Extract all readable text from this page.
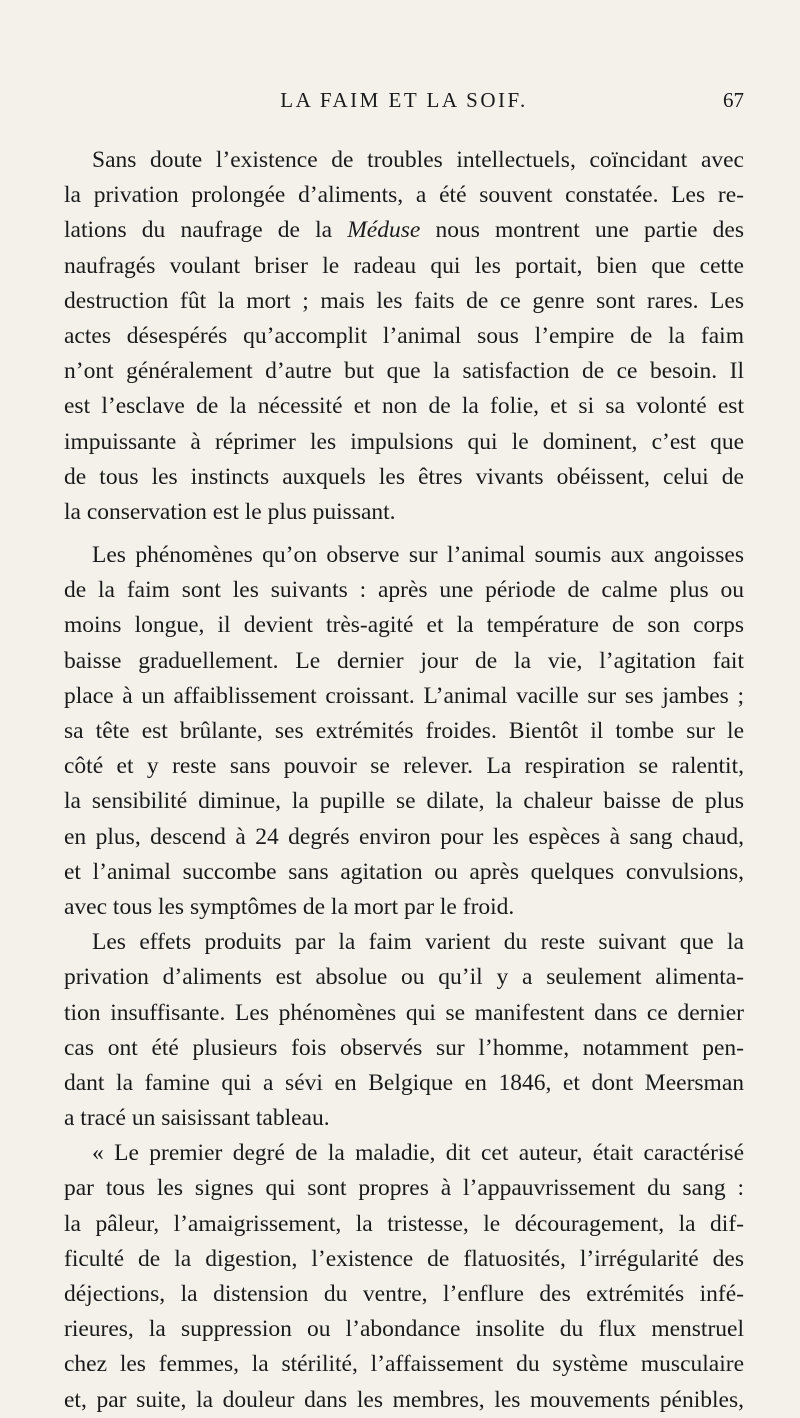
LA FAIM ET LA SOIF.	67
Sans doute l’existence de troubles intellectuels, coïncidant avec
la privation prolongée d’aliments, a été souvent constatée. Les re-
lations du naufrage de la Méduse nous montrent une partie des
naufragés voulant briser le radeau qui les portait, bien que cette
destruction fût la mort ; mais les faits de ce genre sont rares. Les
actes désespérés qu’accomplit l’animal sous l’empire de la faim
n’ont généralement d’autre but que la satisfaction de ce besoin. Il
est l’esclave de la nécessité et non de la folie, et si sa volonté est
impuissante à réprimer les impulsions qui le dominent, c’est que
de tous les instincts auxquels les êtres vivants obéissent, celui de
la conservation est le plus puissant.
Les phénomènes qu’on observe sur l’animal soumis aux angoisses
de la faim sont les suivants : après une période de calme plus ou
moins longue, il devient très-agité et la température de son corps
baisse graduellement. Le dernier jour de la vie, l’agitation fait
place à un affaiblissement croissant. L’animal vacille sur ses jambes ;
sa tête est brûlante, ses extrémités froides. Bientôt il tombe sur le
côté et y reste sans pouvoir se relever. La respiration se ralentit,
la sensibilité diminue, la pupille se dilate, la chaleur baisse de plus
en plus, descend à 24 degrés environ pour les espèces à sang chaud,
et l’animal succombe sans agitation ou après quelques convulsions,
avec tous les symptômes de la mort par le froid.
Les effets produits par la faim varient du reste suivant que la
privation d’aliments est absolue ou qu’il y a seulement alimenta-
tion insuffisante. Les phénomènes qui se manifestent dans ce dernier
cas ont été plusieurs fois observés sur l’homme, notamment pen-
dant la famine qui a sévi en Belgique en 1846, et dont Meersman
a tracé un saisissant tableau.
« Le premier degré de la maladie, dit cet auteur, était caractérisé
par tous les signes qui sont propres à l’appauvrissement du sang :
la pâleur, l’amaigrissement, la tristesse, le découragement, la dif-
ficulté de la digestion, l’existence de flatuosités, l’irrégularité des
déjections, la distension du ventre, l’enflure des extrémités infé-
rieures, la suppression ou l’abondance insolite du flux menstruel
chez les femmes, la stérilité, l’affaissement du système musculaire
et, par suite, la douleur dans les membres, les mouvements pénibles,
